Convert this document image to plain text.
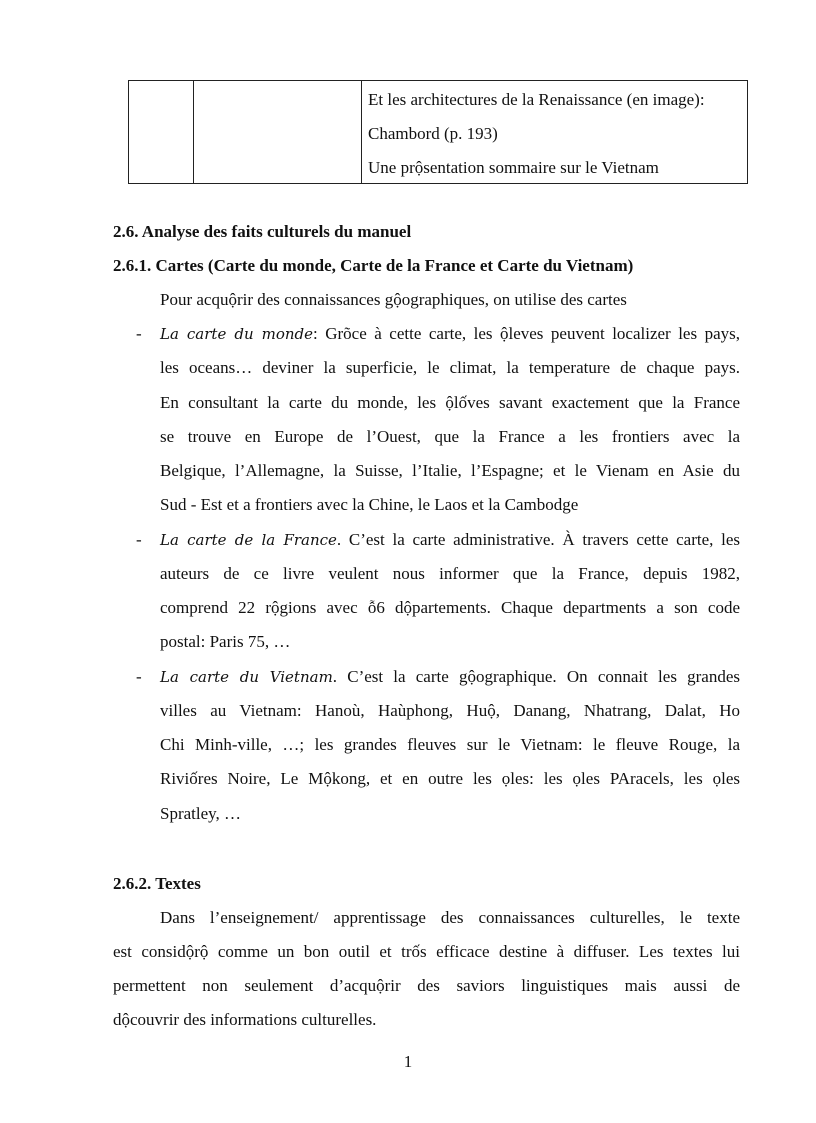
Et les architectures de la Renaissance (en image):
Chambord (p. 193)
Une prộsentation sommaire sur le Vietnam
2.6. Analyse des faits culturels du manuel
2.6.1. Cartes (Carte du monde, Carte de la France et Carte du Vietnam)
Pour acquộrir des connaissances gộographiques, on utilise des cartes
- La carte du monde: Grõce à cette carte, les ộleves peuvent localizer les pays,
les oceans… deviner la superficie, le climat, la temperature de chaque pays.
En consultant la carte du monde, les ộlốves savant exactement que la France
se trouve en Europe de l’Ouest, que la France a les frontiers avec la
Belgique, l’Allemagne, la Suisse, l’Italie, l’Espagne; et le Vienam en Asie du
Sud - Est et a frontiers avec la Chine, le Laos et la Cambodge
- La carte de la France. C’est la carte administrative. À travers cette carte, les
auteurs de ce livre veulent nous informer que la France, depuis 1982,
comprend 22 rộgions avec ỗ6 dộpartements. Chaque departments a son code
postal: Paris 75, …
- La carte du Vietnam. C’est la carte gộographique. On connait les grandes
villes au Vietnam: Hanoù, Haùphong, Huộ, Danang, Nhatrang, Dalat, Ho
Chi Minh-ville, …; les grandes fleuves sur le Vietnam: le fleuve Rouge, la
Riviốres Noire, Le Mộkong, et en outre les ọles: les ọles PAracels, les ọles
Spratley, …
2.6.2. Textes
Dans l’enseignement/ apprentissage des connaissances culturelles, le texte
est considộrộ comme un bon outil et trốs efficace destine à diffuser. Les textes lui
permettent non seulement d’acquộrir des saviors linguistiques mais aussi de
dộcouvrir des informations culturelles.
1
